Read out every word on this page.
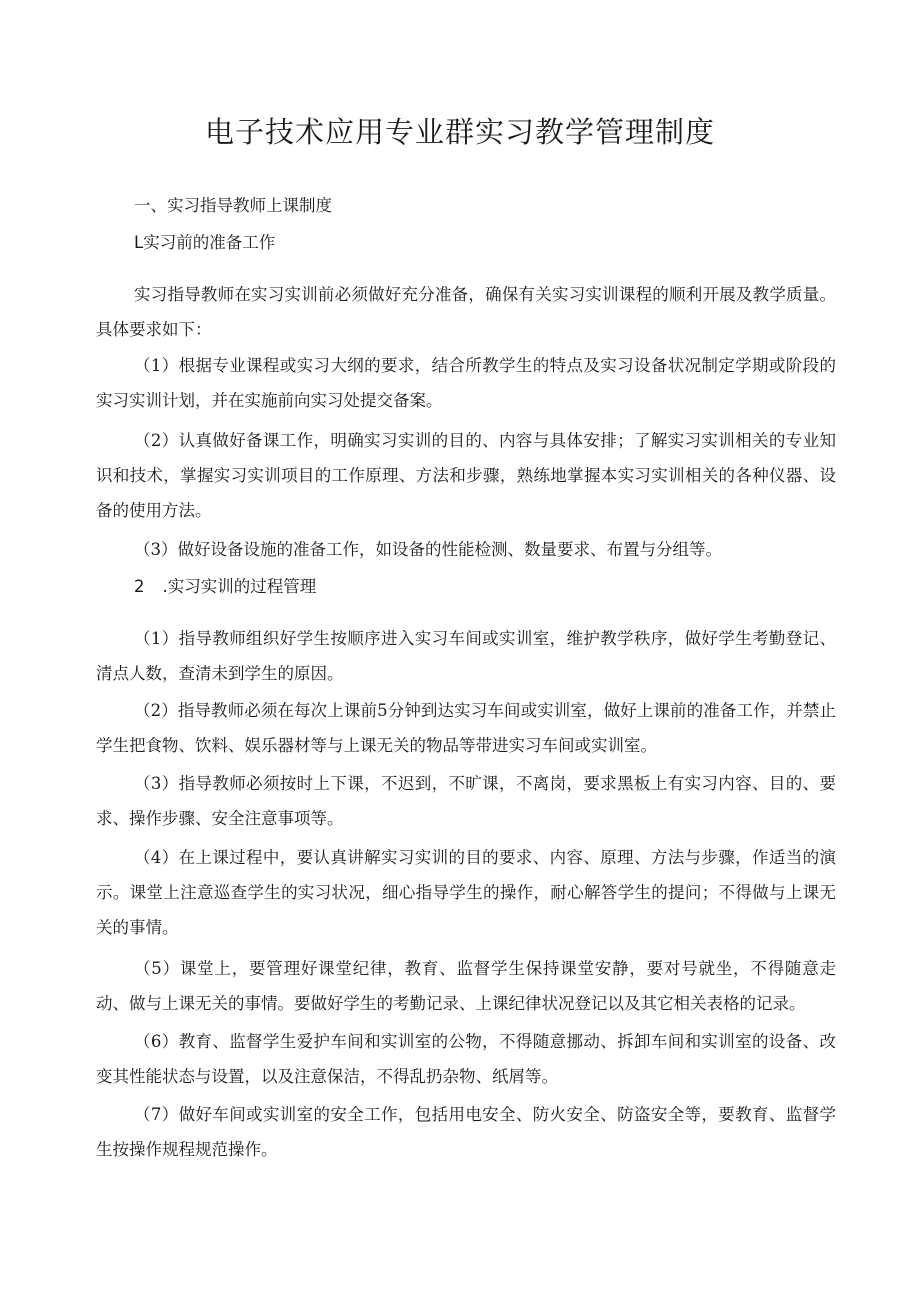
电子技术应用专业群实习教学管理制度

一、实习指导教师上课制度

L实习前的准备工作

实习指导教师在实习实训前必须做好充分准备，确保有关实习实训课程的顺利开展及教学质量。具体要求如下：

（1）根据专业课程或实习大纲的要求，结合所教学生的特点及实习设备状况制定学期或阶段的实习实训计划，并在实施前向实习处提交备案。

（2）认真做好备课工作，明确实习实训的目的、内容与具体安排；了解实习实训相关的专业知识和技术，掌握实习实训项目的工作原理、方法和步骤，熟练地掌握本实习实训相关的各种仪器、设备的使用方法。

（3）做好设备设施的准备工作，如设备的性能检测、数量要求、布置与分组等。

2 .实习实训的过程管理

（1）指导教师组织好学生按顺序进入实习车间或实训室，维护教学秩序，做好学生考勤登记、清点人数，查清未到学生的原因。

（2）指导教师必须在每次上课前5分钟到达实习车间或实训室，做好上课前的准备工作，并禁止学生把食物、饮料、娱乐器材等与上课无关的物品等带进实习车间或实训室。

（3）指导教师必须按时上下课，不迟到，不旷课，不离岗，要求黑板上有实习内容、目的、要求、操作步骤、安全注意事项等。

（4）在上课过程中，要认真讲解实习实训的目的要求、内容、原理、方法与步骤，作适当的演示。课堂上注意巡查学生的实习状况，细心指导学生的操作，耐心解答学生的提问；不得做与上课无关的事情。

（5）课堂上，要管理好课堂纪律，教育、监督学生保持课堂安静，要对号就坐，不得随意走动、做与上课无关的事情。要做好学生的考勤记录、上课纪律状况登记以及其它相关表格的记录。

（6）教育、监督学生爱护车间和实训室的公物，不得随意挪动、拆卸车间和实训室的设备、改变其性能状态与设置，以及注意保洁，不得乱扔杂物、纸屑等。

（7）做好车间或实训室的安全工作，包括用电安全、防火安全、防盗安全等，要教育、监督学生按操作规程规范操作。
